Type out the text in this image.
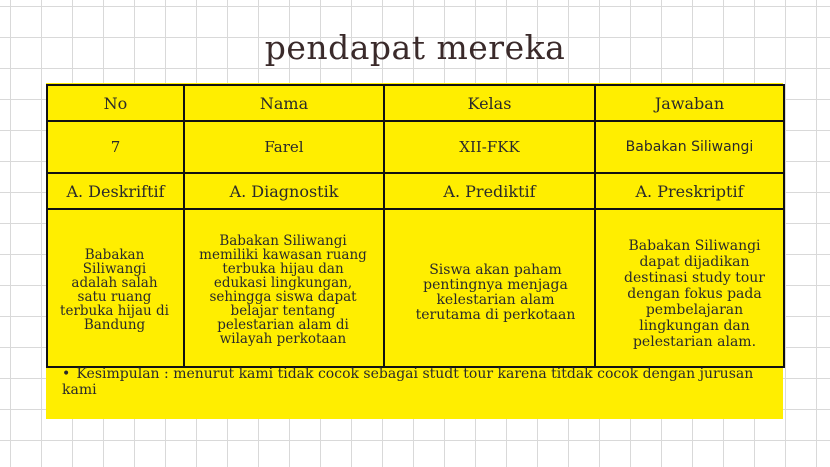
pendapat mereka
No	Nama	Kelas	Jawaban
7	Farel	XII-FKK	Babakan Siliwangi
A. Deskriftif	A. Diagnostik	A. Prediktif	A. Preskriptif
Babakan Siliwangi adalah salah satu ruang terbuka hijau di Bandung	Babakan Siliwangi memiliki kawasan ruang terbuka hijau dan edukasi lingkungan, sehingga siswa dapat belajar tentang pelestarian alam di wilayah perkotaan	Siswa akan paham pentingnya menjaga kelestarian alam terutama di perkotaan	Babakan Siliwangi dapat dijadikan destinasi study tour dengan fokus pada pembelajaran lingkungan dan pelestarian alam.
• Kesimpulan : menurut kami tidak cocok sebagai studt tour karena titdak cocok dengan jurusan kami
